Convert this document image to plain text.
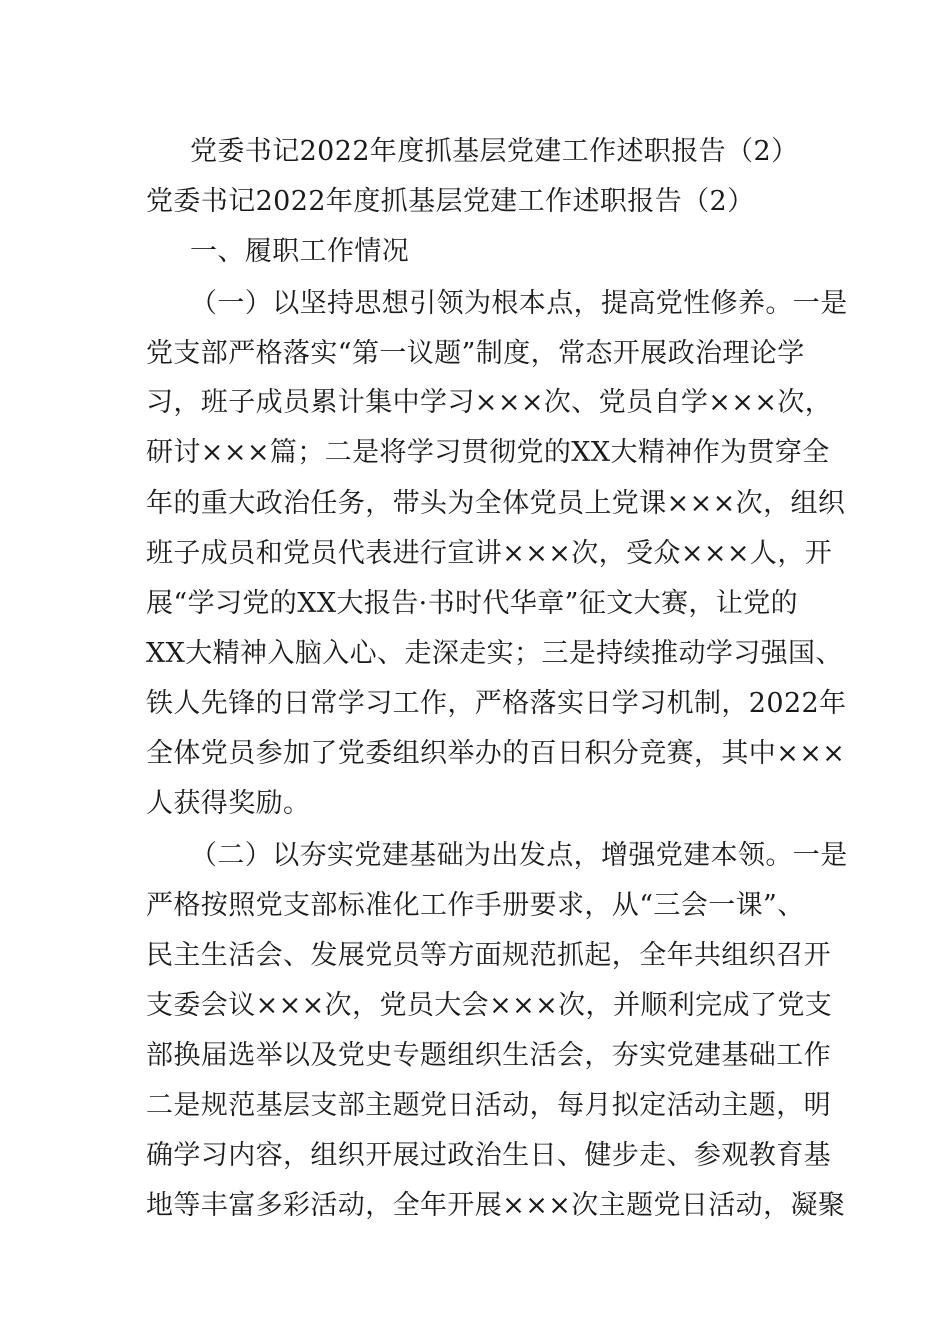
党委书记2022年度抓基层党建工作述职报告（2）
党委书记2022年度抓基层党建工作述职报告（2）
一、履职工作情况
（一）以坚持思想引领为根本点，提高党性修养。一是
党支部严格落实“第一议题”制度，常态开展政治理论学
习，班子成员累计集中学习×××次、党员自学×××次，
研讨×××篇；二是将学习贯彻党的XX大精神作为贯穿全
年的重大政治任务，带头为全体党员上党课×××次，组织
班子成员和党员代表进行宣讲×××次，受众×××人，开
展“学习党的XX大报告·书时代华章”征文大赛，让党的
XX大精神入脑入心、走深走实；三是持续推动学习强国、
铁人先锋的日常学习工作，严格落实日学习机制，2022年
全体党员参加了党委组织举办的百日积分竞赛，其中×××
人获得奖励。
（二）以夯实党建基础为出发点，增强党建本领。一是
严格按照党支部标准化工作手册要求，从“三会一课”、
民主生活会、发展党员等方面规范抓起，全年共组织召开
支委会议×××次，党员大会×××次，并顺利完成了党支
部换届选举以及党史专题组织生活会，夯实党建基础工作
二是规范基层支部主题党日活动，每月拟定活动主题，明
确学习内容，组织开展过政治生日、健步走、参观教育基
地等丰富多彩活动，全年开展×××次主题党日活动，凝聚
